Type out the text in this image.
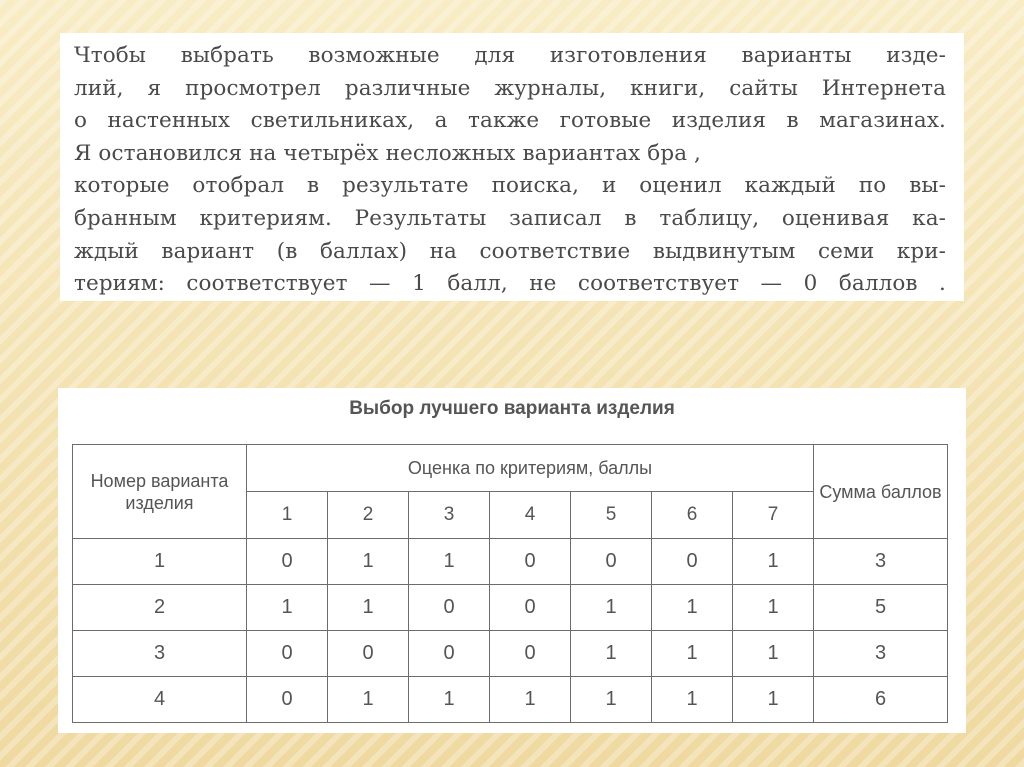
Чтобы выбрать возможные для изготовления варианты изде-
лий, я просмотрел различные журналы, книги, сайты Интернета
о настенных светильниках, а также готовые изделия в магазинах.
Я остановился на четырёх несложных вариантах бра ,
которые отобрал в результате поиска, и оценил каждый по вы-
бранным критериям. Результаты записал в таблицу, оценивая ка-
ждый вариант (в баллах) на соответствие выдвинутым семи кри-
териям: соответствует — 1 балл, не соответствует — 0 баллов .
Выбор лучшего варианта изделия
Номер варианта изделия	Оценка по критериям, баллы							Сумма баллов
	1	2	3	4	5	6	7	
1	0	1	1	0	0	0	1	3
2	1	1	0	0	1	1	1	5
3	0	0	0	0	1	1	1	3
4	0	1	1	1	1	1	1	6
